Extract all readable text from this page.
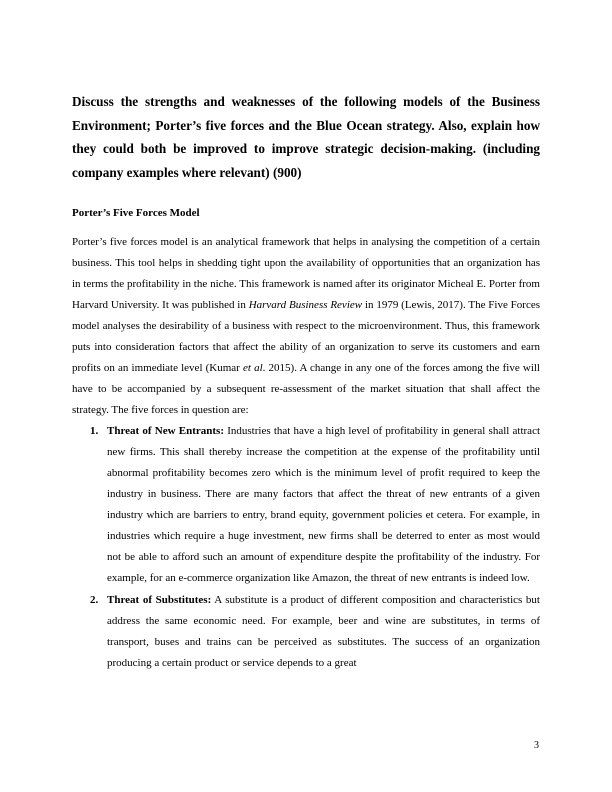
Discuss the strengths and weaknesses of the following models of the Business Environment; Porter’s five forces and the Blue Ocean strategy. Also, explain how they could both be improved to improve strategic decision-making. (including company examples where relevant) (900)
Porter’s Five Forces Model

Porter’s five forces model is an analytical framework that helps in analysing the competition of a certain business. This tool helps in shedding tight upon the availability of opportunities that an organization has in terms the profitability in the niche. This framework is named after its originator Micheal E. Porter from Harvard University. It was published in Harvard Business Review in 1979 (Lewis, 2017). The Five Forces model analyses the desirability of a business with respect to the microenvironment. Thus, this framework puts into consideration factors that affect the ability of an organization to serve its customers and earn profits on an immediate level (Kumar et al. 2015). A change in any one of the forces among the five will have to be accompanied by a subsequent re-assessment of the market situation that shall affect the strategy. The five forces in question are:

1. Threat of New Entrants: Industries that have a high level of profitability in general shall attract new firms. This shall thereby increase the competition at the expense of the profitability until abnormal profitability becomes zero which is the minimum level of profit required to keep the industry in business. There are many factors that affect the threat of new entrants of a given industry which are barriers to entry, brand equity, government policies et cetera. For example, in industries which require a huge investment, new firms shall be deterred to enter as most would not be able to afford such an amount of expenditure despite the profitability of the industry. For example, for an e-commerce organization like Amazon, the threat of new entrants is indeed low.
2. Threat of Substitutes: A substitute is a product of different composition and characteristics but address the same economic need. For example, beer and wine are substitutes, in terms of transport, buses and trains can be perceived as substitutes. The success of an organization producing a certain product or service depends to a great
3
